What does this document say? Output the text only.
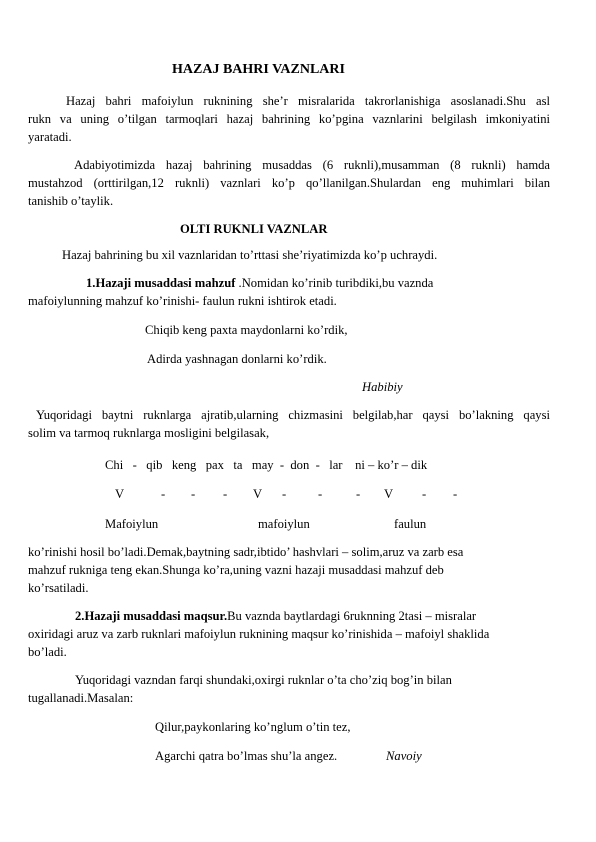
HAZAJ BAHRI VAZNLARI
Hazaj bahri mafoiylun ruknining she’r misralarida takrorlanishiga asoslanadi.Shu asl
rukn va uning o’tilgan tarmoqlari hazaj bahrining ko’pgina vaznlarini belgilash imkoniyatini
yaratadi.
Adabiyotimizda hazaj bahrining musaddas (6 ruknli),musamman (8 ruknli) hamda
mustahzod (orttirilgan,12 ruknli) vaznlari ko’p qo’llanilgan.Shulardan eng muhimlari bilan
tanishib o’taylik.
OLTI RUKNLI VAZNLAR
Hazaj bahrining bu xil vaznlaridan to’rttasi she’riyatimizda ko’p uchraydi.
1.Hazaji musaddasi mahzuf .Nomidan ko’rinib turibdiki,bu vaznda
mafoiylunning mahzuf ko’rinishi- faulun rukni ishtirok etadi.
Chiqib keng paxta maydonlarni ko’rdik,
Adirda yashnagan donlarni ko’rdik.
Habibiy
Yuqoridagi baytni ruknlarga ajratib,ularning chizmasini belgilab,har qaysi bo’lakning qaysi
solim va tarmoq ruknlarga mosligini belgilasak,
Chi   -   qib   keng   pax   ta   may  -  don  -   lar    ni – ko’r – dik
V	- - - V -	-	- V - -
Mafoiylun	mafoiylun	faulun
ko’rinishi hosil bo’ladi.Demak,baytning sadr,ibtido’ hashvlari – solim,aruz va zarb esa
mahzuf rukniga teng ekan.Shunga ko’ra,uning vazni hazaji musaddasi mahzuf deb
ko’rsatiladi.
2.Hazaji musaddasi maqsur.Bu vaznda baytlardagi 6ruknning 2tasi – misralar
oxiridagi aruz va zarb ruknlari mafoiylun ruknining maqsur ko’rinishida – mafoiyl shaklida
bo’ladi.
Yuqoridagi vazndan farqi shundaki,oxirgi ruknlar o’ta cho’ziq bog’in bilan
tugallanadi.Masalan:
Qilur,paykonlaring ko’nglum o’tin tez,
Agarchi qatra bo’lmas shu’la angez.	Navoiy
